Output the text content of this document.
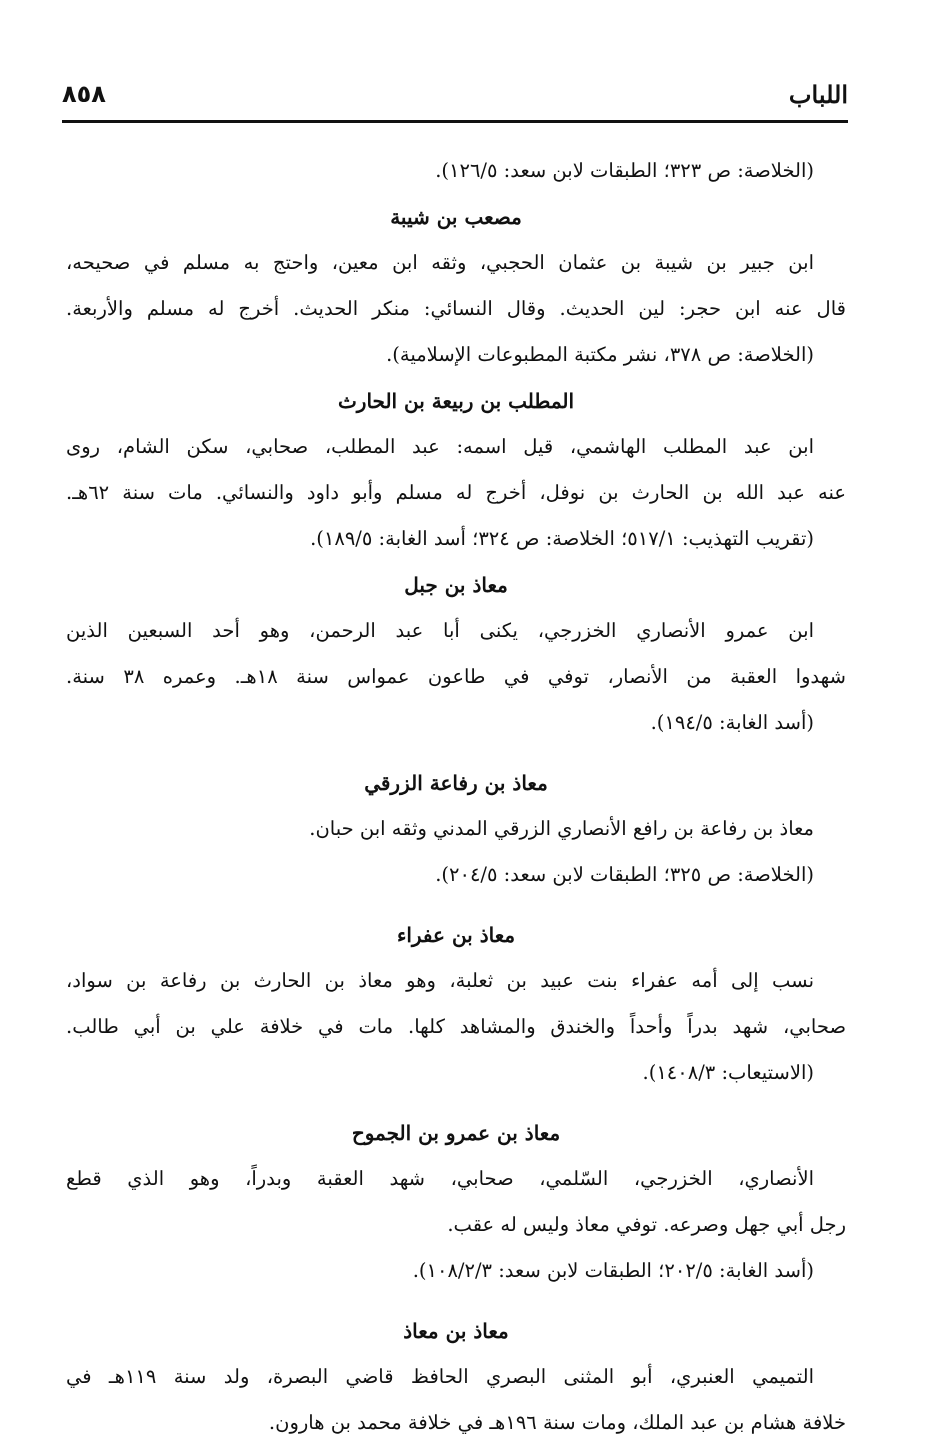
اللباب
٨٥٨
(الخلاصة: ص ٣٢٣؛ الطبقات لابن سعد: ١٢٦/٥).
مصعب بن شيبة
ابن جبير بن شيبة بن عثمان الحجبي، وثقه ابن معين، واحتج به مسلم في صحيحه،
قال عنه ابن حجر: لين الحديث. وقال النسائي: منكر الحديث. أخرج له مسلم والأربعة.
(الخلاصة: ص ٣٧٨، نشر مكتبة المطبوعات الإسلامية).
المطلب بن ربيعة بن الحارث
ابن عبد المطلب الهاشمي، قيل اسمه: عبد المطلب، صحابي، سكن الشام، روى
عنه عبد الله بن الحارث بن نوفل، أخرج له مسلم وأبو داود والنسائي. مات سنة ٦٢هـ.
(تقريب التهذيب: ٥١٧/١؛ الخلاصة: ص ٣٢٤؛ أسد الغابة: ١٨٩/٥).
معاذ بن جبل
ابن عمرو الأنصاري الخزرجي، يكنى أبا عبد الرحمن، وهو أحد السبعين الذين
شهدوا العقبة من الأنصار، توفي في طاعون عمواس سنة ١٨هـ. وعمره ٣٨ سنة.
(أسد الغابة: ١٩٤/٥).
معاذ بن رفاعة الزرقي
معاذ بن رفاعة بن رافع الأنصاري الزرقي المدني وثقه ابن حبان.
(الخلاصة: ص ٣٢٥؛ الطبقات لابن سعد: ٢٠٤/٥).
معاذ بن عفراء
نسب إلى أمه عفراء بنت عبيد بن ثعلبة، وهو معاذ بن الحارث بن رفاعة بن سواد،
صحابي، شهد بدراً وأحداً والخندق والمشاهد كلها. مات في خلافة علي بن أبي طالب.
(الاستيعاب: ١٤٠٨/٣).
معاذ بن عمرو بن الجموح
الأنصاري، الخزرجي، السّلمي، صحابي، شهد العقبة وبدراً، وهو الذي قطع
رجل أبي جهل وصرعه. توفي معاذ وليس له عقب.
(أسد الغابة: ٢٠٢/٥؛ الطبقات لابن سعد: ١٠٨/٢/٣).
معاذ بن معاذ
التميمي العنبري، أبو المثنى البصري الحافظ قاضي البصرة، ولد سنة ١١٩هـ في
خلافة هشام بن عبد الملك، ومات سنة ١٩٦هـ في خلافة محمد بن هارون.
